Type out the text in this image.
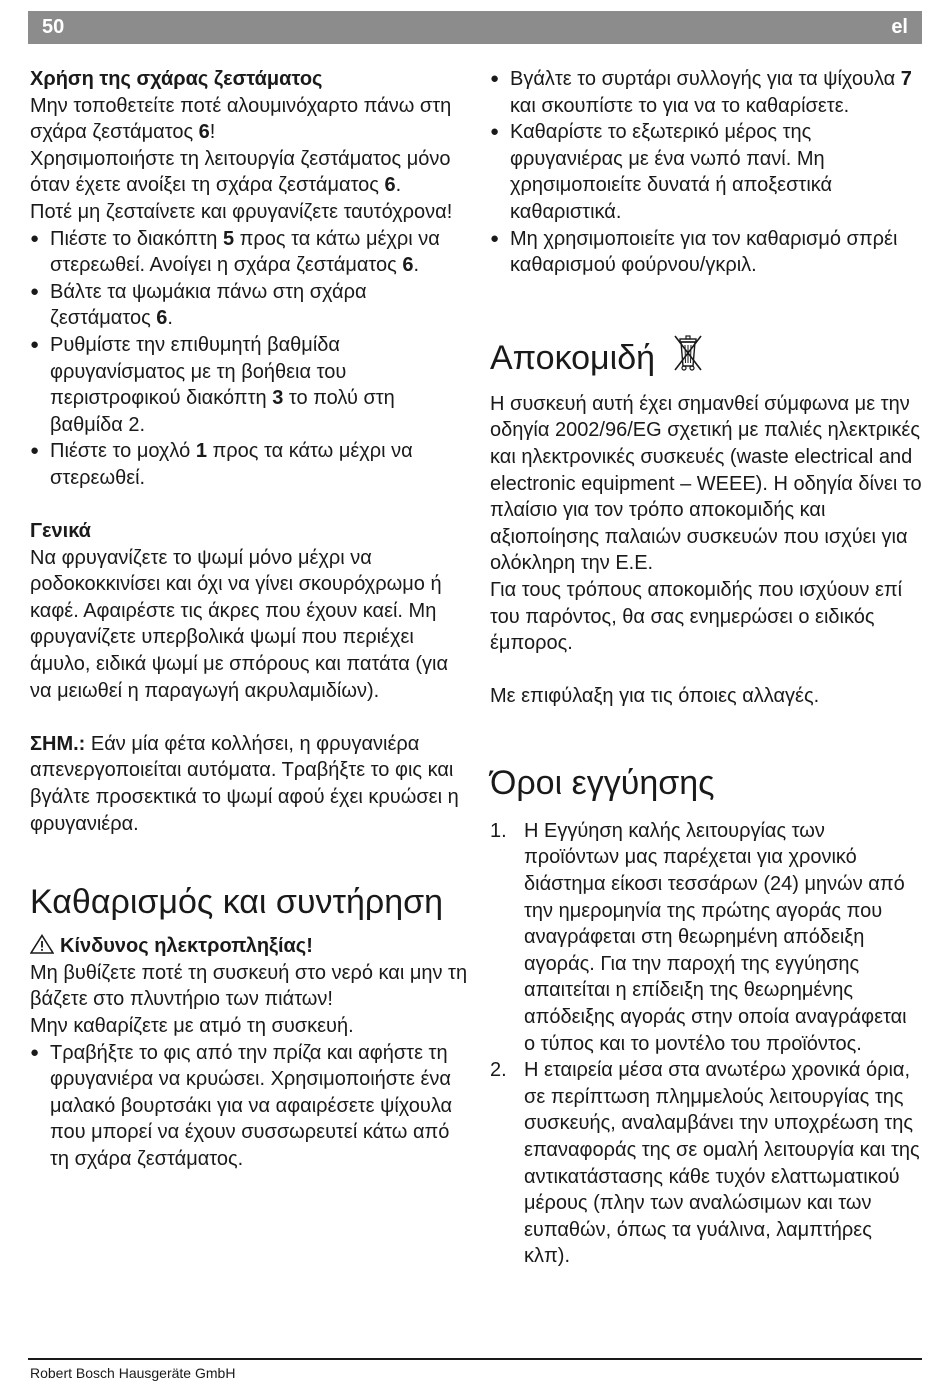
50	el
Χρήση της σχάρας ζεστάματος
Μην τοποθετείτε ποτέ αλουμινόχαρτο πάνω στη σχάρα ζεστάματος 6!
Χρησιμοποιήστε τη λειτουργία ζεστάματος μόνο όταν έχετε ανοίξει τη σχάρα ζεστάματος 6.
Ποτέ μη ζεσταίνετε και φρυγανίζετε ταυτόχρονα!
● Πιέστε το διακόπτη 5 προς τα κάτω μέχρι να στερεωθεί. Ανοίγει η σχάρα ζεστάματος 6.
● Βάλτε τα ψωμάκια πάνω στη σχάρα ζεστάματος 6.
● Ρυθμίστε την επιθυμητή βαθμίδα φρυγανίσματος με τη βοήθεια του περιστροφικού διακόπτη 3 το πολύ στη βαθμίδα 2.
● Πιέστε το μοχλό 1 προς τα κάτω μέχρι να στερεωθεί.
Γενικά
Να φρυγανίζετε το ψωμί μόνο μέχρι να ροδοκοκκινίσει και όχι να γίνει σκουρόχρωμο ή καφέ. Αφαιρέστε τις άκρες που έχουν καεί. Μη φρυγανίζετε υπερβολικά ψωμί που περιέχει άμυλο, ειδικά ψωμί με σπόρους και πατάτα (για να μειωθεί η παραγωγή ακρυλαμιδίων).
ΣΗΜ.: Εάν μία φέτα κολλήσει, η φρυγανιέρα απενεργοποιείται αυτόματα. Τραβήξτε το φις και βγάλτε προσεκτικά το ψωμί αφού έχει κρυώσει η φρυγανιέρα.
Καθαρισμός και συντήρηση
Κίνδυνος ηλεκτροπληξίας!
Μη βυθίζετε ποτέ τη συσκευή στο νερό και μην τη βάζετε στο πλυντήριο των πιάτων!
Μην καθαρίζετε με ατμό τη συσκευή.
● Τραβήξτε το φις από την πρίζα και αφήστε τη φρυγανιέρα να κρυώσει. Χρησιμοποιήστε ένα μαλακό βουρτσάκι για να αφαιρέσετε ψίχουλα που μπορεί να έχουν συσσωρευτεί κάτω από τη σχάρα ζεστάματος.
● Βγάλτε το συρτάρι συλλογής για τα ψίχουλα 7 και σκουπίστε το για να το καθαρίσετε.
● Καθαρίστε το εξωτερικό μέρος της φρυγανιέρας με ένα νωπό πανί. Μη χρησιμοποιείτε δυνατά ή αποξεστικά καθαριστικά.
● Μη χρησιμοποιείτε για τον καθαρισμό σπρέι καθαρισμού φούρνου/γκριλ.
Αποκομιδή
Η συσκευή αυτή έχει σημανθεί σύμφωνα με την οδηγία 2002/96/EG σχετική με παλιές ηλεκτρικές και ηλεκτρονικές συσκευές (waste electrical and electronic equipment – WEEE). Η οδηγία δίνει το πλαίσιο για τον τρόπο αποκομιδής και αξιοποίησης παλαιών συσκευών που ισχύει για ολόκληρη την Ε.Ε.
Για τους τρόπους αποκομιδής που ισχύουν επί του παρόντος, θα σας ενημερώσει ο ειδικός έμπορος.
Με επιφύλαξη για τις όποιες αλλαγές.
Όροι εγγύησης
1. Η Εγγύηση καλής λειτουργίας των προϊόντων μας παρέχεται για χρονικό διάστημα είκοσι τεσσάρων (24) μηνών από την ημερομηνία της πρώτης αγοράς που αναγράφεται στη θεωρημένη απόδειξη αγοράς. Για την παροχή της εγγύησης απαιτείται η επίδειξη της θεωρημένης απόδειξης αγοράς στην οποία αναγράφεται ο τύπος και το μοντέλο του προϊόντος.
2. Η εταιρεία μέσα στα ανωτέρω χρονικά όρια, σε περίπτωση πλημμελούς λειτουργίας της συσκευής, αναλαμβάνει την υποχρέωση της επαναφοράς της σε ομαλή λειτουργία και της αντικατάστασης κάθε τυχόν ελαττωματικού μέρους (πλην των αναλώσιμων και των ευπαθών, όπως τα γυάλινα, λαμπτήρες κλπ).
Robert Bosch Hausgeräte GmbH
